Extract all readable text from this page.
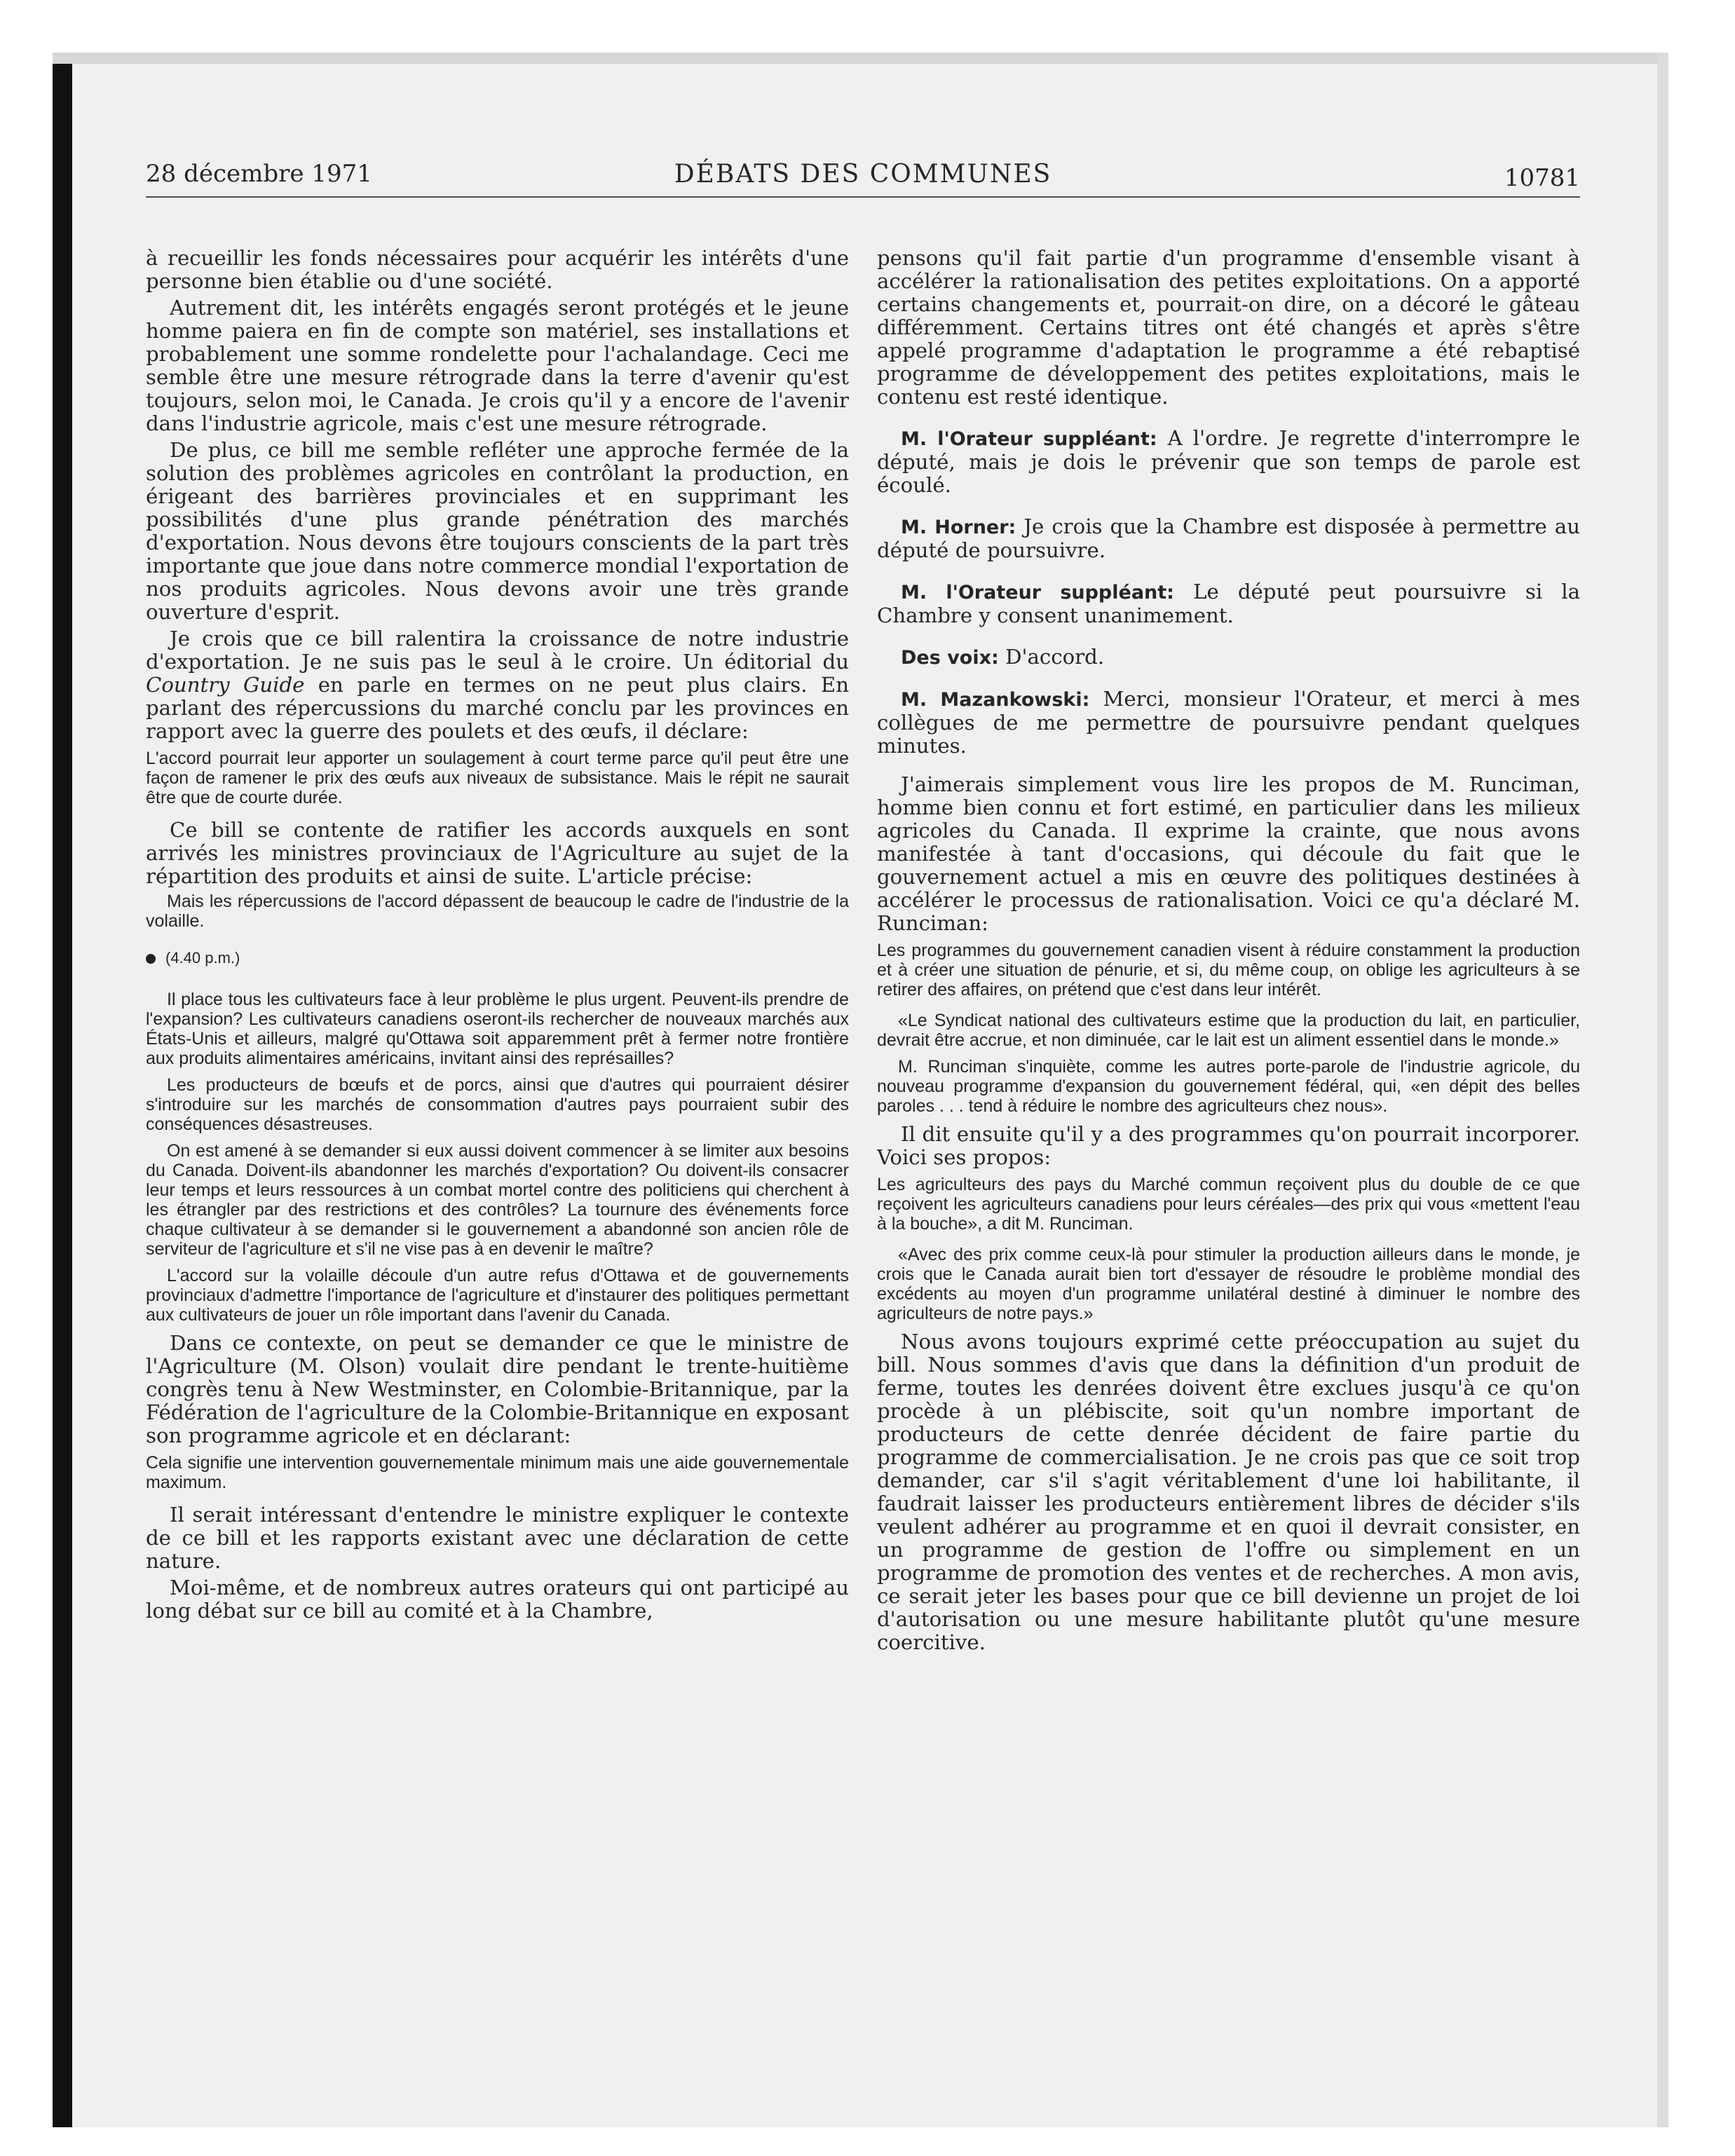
28 décembre 1971	DÉBATS DES COMMUNES	10781

à recueillir les fonds nécessaires pour acquérir les intérêts d'une personne bien établie ou d'une société.

Autrement dit, les intérêts engagés seront protégés et le jeune homme paiera en fin de compte son matériel, ses installations et probablement une somme rondelette pour l'achalandage. Ceci me semble être une mesure rétrograde dans la terre d'avenir qu'est toujours, selon moi, le Canada. Je crois qu'il y a encore de l'avenir dans l'industrie agricole, mais c'est une mesure rétrograde.

De plus, ce bill me semble refléter une approche fermée de la solution des problèmes agricoles en contrôlant la production, en érigeant des barrières provinciales et en supprimant les possibilités d'une plus grande pénétration des marchés d'exportation. Nous devons être toujours conscients de la part très importante que joue dans notre commerce mondial l'exportation de nos produits agricoles. Nous devons avoir une très grande ouverture d'esprit.

Je crois que ce bill ralentira la croissance de notre industrie d'exportation. Je ne suis pas le seul à le croire. Un éditorial du Country Guide en parle en termes on ne peut plus clairs. En parlant des répercussions du marché conclu par les provinces en rapport avec la guerre des poulets et des œufs, il déclare:

L'accord pourrait leur apporter un soulagement à court terme parce qu'il peut être une façon de ramener le prix des œufs aux niveaux de subsistance. Mais le répit ne saurait être que de courte durée.

Ce bill se contente de ratifier les accords auxquels en sont arrivés les ministres provinciaux de l'Agriculture au sujet de la répartition des produits et ainsi de suite. L'article précise:

Mais les répercussions de l'accord dépassent de beaucoup le cadre de l'industrie de la volaille.

(4.40 p.m.)

Il place tous les cultivateurs face à leur problème le plus urgent. Peuvent-ils prendre de l'expansion? Les cultivateurs canadiens oseront-ils rechercher de nouveaux marchés aux États-Unis et ailleurs, malgré qu'Ottawa soit apparemment prêt à fermer notre frontière aux produits alimentaires américains, invitant ainsi des représailles?

Les producteurs de bœufs et de porcs, ainsi que d'autres qui pourraient désirer s'introduire sur les marchés de consommation d'autres pays pourraient subir des conséquences désastreuses.

On est amené à se demander si eux aussi doivent commencer à se limiter aux besoins du Canada. Doivent-ils abandonner les marchés d'exportation? Ou doivent-ils consacrer leur temps et leurs ressources à un combat mortel contre des politiciens qui cherchent à les étrangler par des restrictions et des contrôles? La tournure des événements force chaque cultivateur à se demander si le gouvernement a abandonné son ancien rôle de serviteur de l'agriculture et s'il ne vise pas à en devenir le maître?

L'accord sur la volaille découle d'un autre refus d'Ottawa et de gouvernements provinciaux d'admettre l'importance de l'agriculture et d'instaurer des politiques permettant aux cultivateurs de jouer un rôle important dans l'avenir du Canada.

Dans ce contexte, on peut se demander ce que le ministre de l'Agriculture (M. Olson) voulait dire pendant le trente-huitième congrès tenu à New Westminster, en Colombie-Britannique, par la Fédération de l'agriculture de la Colombie-Britannique en exposant son programme agricole et en déclarant:

Cela signifie une intervention gouvernementale minimum mais une aide gouvernementale maximum.

Il serait intéressant d'entendre le ministre expliquer le contexte de ce bill et les rapports existant avec une déclaration de cette nature.

Moi-même, et de nombreux autres orateurs qui ont participé au long débat sur ce bill au comité et à la Chambre,

pensons qu'il fait partie d'un programme d'ensemble visant à accélérer la rationalisation des petites exploitations. On a apporté certains changements et, pourrait-on dire, on a décoré le gâteau différemment. Certains titres ont été changés et après s'être appelé programme d'adaptation le programme a été rebaptisé programme de développement des petites exploitations, mais le contenu est resté identique.

M. l'Orateur suppléant: A l'ordre. Je regrette d'interrompre le député, mais je dois le prévenir que son temps de parole est écoulé.

M. Horner: Je crois que la Chambre est disposée à permettre au député de poursuivre.

M. l'Orateur suppléant: Le député peut poursuivre si la Chambre y consent unanimement.

Des voix: D'accord.

M. Mazankowski: Merci, monsieur l'Orateur, et merci à mes collègues de me permettre de poursuivre pendant quelques minutes.

J'aimerais simplement vous lire les propos de M. Runciman, homme bien connu et fort estimé, en particulier dans les milieux agricoles du Canada. Il exprime la crainte, que nous avons manifestée à tant d'occasions, qui découle du fait que le gouvernement actuel a mis en œuvre des politiques destinées à accélérer le processus de rationalisation. Voici ce qu'a déclaré M. Runciman:

Les programmes du gouvernement canadien visent à réduire constamment la production et à créer une situation de pénurie, et si, du même coup, on oblige les agriculteurs à se retirer des affaires, on prétend que c'est dans leur intérêt.

«Le Syndicat national des cultivateurs estime que la production du lait, en particulier, devrait être accrue, et non diminuée, car le lait est un aliment essentiel dans le monde.»

M. Runciman s'inquiète, comme les autres porte-parole de l'industrie agricole, du nouveau programme d'expansion du gouvernement fédéral, qui, «en dépit des belles paroles . . . tend à réduire le nombre des agriculteurs chez nous».

Il dit ensuite qu'il y a des programmes qu'on pourrait incorporer. Voici ses propos:

Les agriculteurs des pays du Marché commun reçoivent plus du double de ce que reçoivent les agriculteurs canadiens pour leurs céréales—des prix qui vous «mettent l'eau à la bouche», a dit M. Runciman.

«Avec des prix comme ceux-là pour stimuler la production ailleurs dans le monde, je crois que le Canada aurait bien tort d'essayer de résoudre le problème mondial des excédents au moyen d'un programme unilatéral destiné à diminuer le nombre des agriculteurs de notre pays.»

Nous avons toujours exprimé cette préoccupation au sujet du bill. Nous sommes d'avis que dans la définition d'un produit de ferme, toutes les denrées doivent être exclues jusqu'à ce qu'on procède à un plébiscite, soit qu'un nombre important de producteurs de cette denrée décident de faire partie du programme de commercialisation. Je ne crois pas que ce soit trop demander, car s'il s'agit véritablement d'une loi habilitante, il faudrait laisser les producteurs entièrement libres de décider s'ils veulent adhérer au programme et en quoi il devrait consister, en un programme de gestion de l'offre ou simplement en un programme de promotion des ventes et de recherches. A mon avis, ce serait jeter les bases pour que ce bill devienne un projet de loi d'autorisation ou une mesure habilitante plutôt qu'une mesure coercitive.
